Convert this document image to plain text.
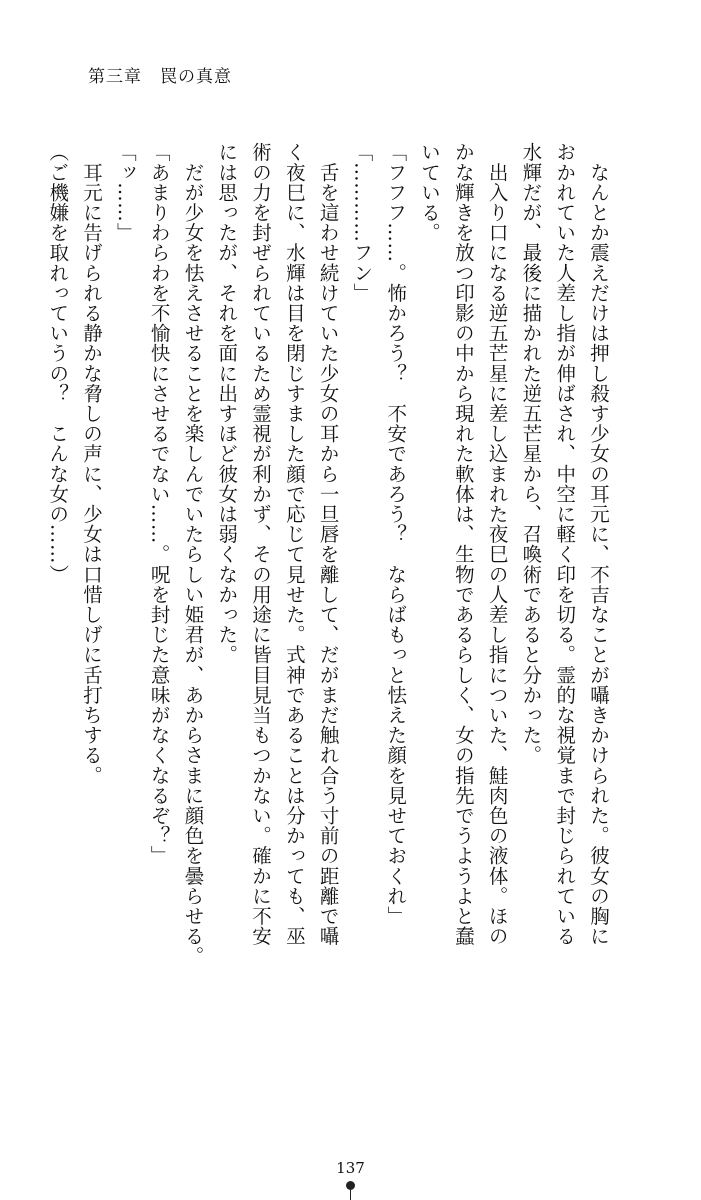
第三章　罠の真意
　なんとか震えだけは押し殺す少女の耳元に、不吉なことが囁きかけられた。彼女の胸に
おかれていた人差し指が伸ばされ、中空に軽く印を切る。霊的な視覚まで封じられている
水輝だが、最後に描かれた逆五芒星から、召喚術であると分かった。
　出入り口になる逆五芒星に差し込まれた夜巳の人差し指についた、鮭肉色の液体。ほの
かな輝きを放つ印影の中から現れた軟体は、生物であるらしく、女の指先でうようよと蠢
いている。
「フフフ……。怖かろう？　不安であろう？　ならばもっと怯えた顔を見せておくれ」
「…………フン」
　舌を這わせ続けていた少女の耳から一旦唇を離して、だがまだ触れ合う寸前の距離で囁
く夜巳に、水輝は目を閉じすました顔で応じて見せた。式神であることは分かっても、巫
術の力を封ぜられているため霊視が利かず、その用途に皆目見当もつかない。確かに不安
には思ったが、それを面に出すほど彼女は弱くなかった。
　だが少女を怯えさせることを楽しんでいたらしい姫君が、あからさまに顔色を曇らせる。
「あまりわらわを不愉快にさせるでない……。呪を封じた意味がなくなるぞ？」
「ッ……」
　耳元に告げられる静かな脅しの声に、少女は口惜しげに舌打ちする。
（ご機嫌を取れっていうの？　こんな女の……）
137
